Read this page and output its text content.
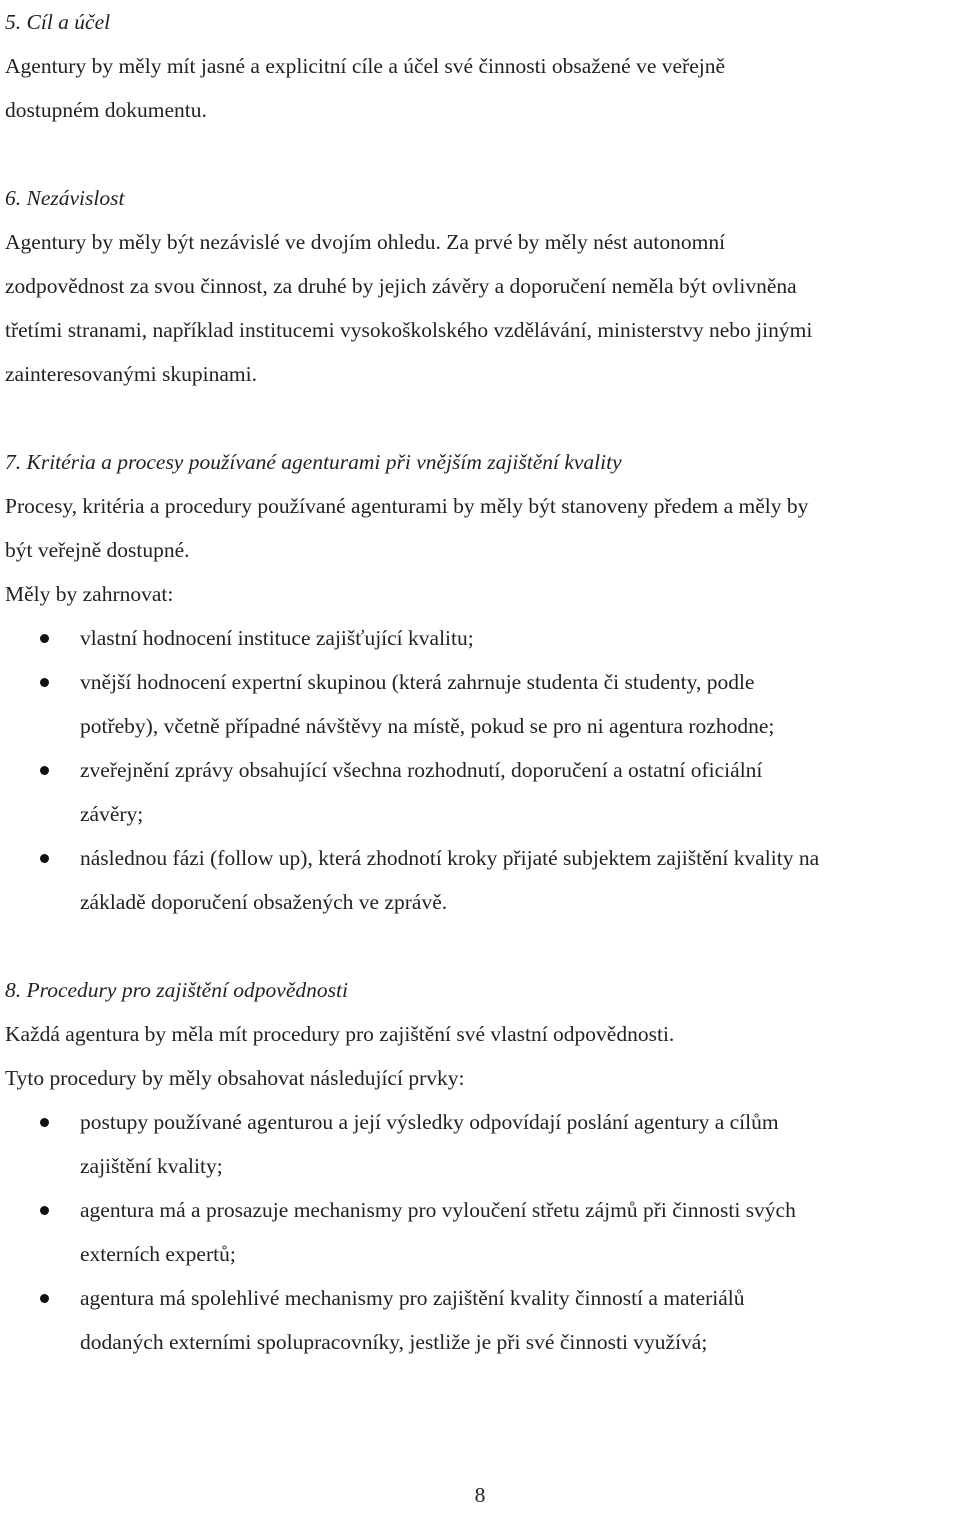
5. Cíl a účel
Agentury by měly mít jasné a explicitní cíle a účel své činnosti obsažené ve veřejně
dostupném dokumentu.
6. Nezávislost
Agentury by měly být nezávislé ve dvojím ohledu. Za prvé by měly nést autonomní
zodpovědnost za svou činnost, za druhé by jejich závěry a doporučení neměla být ovlivněna
třetími stranami, například institucemi vysokoškolského vzdělávání, ministerstvy nebo jinými
zainteresovanými skupinami.
7. Kritéria a procesy používané agenturami při vnějším zajištění kvality
Procesy, kritéria a procedury používané agenturami by měly být stanoveny předem a měly by
být veřejně dostupné.
Měly by zahrnovat:
vlastní hodnocení instituce zajišťující kvalitu;
vnější hodnocení expertní skupinou (která zahrnuje studenta či studenty, podle
potřeby), včetně případné návštěvy na místě, pokud se pro ni agentura rozhodne;
zveřejnění zprávy obsahující všechna rozhodnutí, doporučení a ostatní oficiální
závěry;
následnou fázi (follow up), která zhodnotí kroky přijaté subjektem zajištění kvality na
základě doporučení obsažených ve zprávě.
8. Procedury pro zajištění odpovědnosti
Každá agentura by měla mít procedury pro zajištění své vlastní odpovědnosti.
Tyto procedury by měly obsahovat následující prvky:
postupy používané agenturou a její výsledky odpovídají poslání agentury a cílům
zajištění kvality;
agentura má a prosazuje mechanismy pro vyloučení střetu zájmů při činnosti svých
externích expertů;
agentura má spolehlivé mechanismy pro zajištění kvality činností a materiálů
dodaných externími spolupracovníky, jestliže je při své činnosti využívá;
8
